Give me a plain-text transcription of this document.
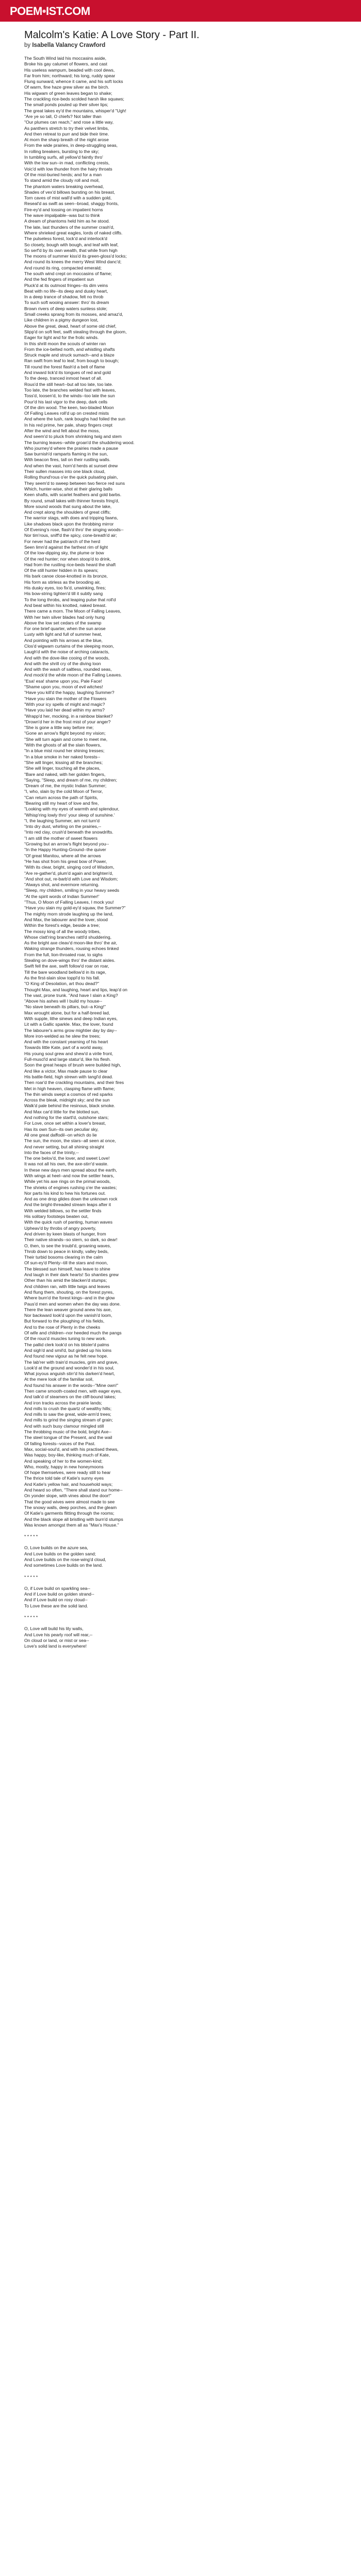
POEM•IST.COM
Malcolm's Katie: A Love Story - Part II.
by Isabella Valancy Crawford
The South Wind laid his moccasins aside,
Broke his gay calumet of flowers, and cast
His useless wampum, beaded with cool dews,
Far from him; northward; his long, ruddy spear
Flung sunward, whence it came, and his soft locks
Of warm, fine haze grew silver as the birch.
His wigwam of green leaves began to shake;
The crackling rice-beds scolded harsh like squaws;
The small ponds pouted up their silver lips;
The great lakes ey'd the mountains, whisper'd "Ugh!
"Are ye so tall, O chiefs? Not taller than
"Our plumes can reach," and rose a little way,
As panthers stretch to try their velvet limbs,
And then retreat to purr and bide their time.
At morn the sharp breath of the night arose
From the wide prairies, in deep-struggling seas,
In rolling breakers, bursting to the sky;
In tumbling surfs, all yellow'd faintly thro'
With the low sun--in mad, conflicting crests,
Voic'd with low thunder from the hairy throats
Of the mist-buried herds; and for a man
To stand amid the cloudy roll and moil,
The phantom waters breaking overhead,
Shades of vex'd billows bursting on his breast,
Torn caves of mist wall'd with a sudden gold,
Reseal'd as swift as seen--broad, shaggy fronts,
Fire-ey'd and tossing on impatient horns
The wave impalpable--was but to think
A dream of phantoms held him as he stood.
The late, last thunders of the summer crash'd,
Where shrieked great eagles, lords of naked cliffs.
The pulseless forest, lock'd and interlock'd
So closely, bough with bough, and leaf with leaf,
So serf'd by its own wealth, that while from high
The moons of summer kiss'd its green-gloss'd locks;
And round its knees the merry West Wind danc'd;
And round its ring, compacted emerald;
The south wind crept on moccasins of flame;
And the fed fingers of impatient sun
Pluck'd at its outmost fringes--its dim veins
Beat with no life--its deep and dusky heart,
In a deep trance of shadow, felt no throb
To such soft wooing answer: thro' its dream
Brown rivers of deep waters sunless stole;
Small creeks sprang from its mosses, and amaz'd,
Like children in a pigmy dungeon lost,
Above the great, dead, heart of some old chief,
Slipp'd on soft feet, swift stealing through the gloom,
Eager for light and for the frolic winds.
In this shrill moon the scouts of winter ran
From the ice-belted north, and whistling shafts
Struck maple and struck sumach--and a blaze
Ran swift from leaf to leaf, from bough to bough;
Till round the forest flash'd a belt of flame
And inward lick'd its tongues of red and gold
To the deep, tranced inmost heart of all.
Rous'd the still heart--but all too late, too late.
Too late, the branches welded fast with leaves,
Toss'd, loosen'd, to the winds--too late the sun
Pour'd his last vigor to the deep, dark cells
Of the dim wood. The keen, two-bladed Moon
Of Falling Leaves roll'd up on crested mists
And where the lush, rank boughs had foiled the sun
In his red prime, her pale, sharp fingers crept
After the wind and felt about the moss,
And seem'd to pluck from shrinking twig and stem
The burning leaves--while groan'd the shuddering wood.
Who journey'd where the prairies made a pause
Saw burnish'd ramparts flaming in the sun,
With beacon fires, tall on their rustling walls.
And when the vast, horn'd herds at sunset drew
Their sullen masses into one black cloud,
Rolling thund'rous o'er the quick pulsating plain,
They seem'd to sweep between two fierce red suns
Which, hunter-wise, shot at their glaring balls
Keen shafts, with scarlet feathers and gold barbs.
By round, small lakes with thinner forests fring'd,
More sound woods that sung about the lake,
And crept along the shoulders of great cliffs;
The warrior stags, with does and tripping fawns,
Like shadows black upon the throbbing mirror
Of Evening's rose, flash'd thro' the singing woods--
Nor tim'rous, sniff'd the spicy, cone-breath'd air;
For never had the patriarch of the herd
Seen limn'd against the farthest rim of light
Of the low-dipping sky, the plume or bow
Of the red hunter; nor when stoop'd to drink,
Had from the rustling rice-beds heard the shaft
Of the still hunter hidden in its spears;
His bark canoe close-knotted in its bronze,
His form as stirless as the brooding air,
His dusky eyes, too fix'd, unwinking, fires;
His bow-string tighten'd till it subtly sang
To the long throbs, and leaping pulse that roll'd
And beat within his knotted, naked breast.
There came a morn. The Moon of Falling Leaves,
With her twin silver blades had only hung
Above the low set cedars of the swamp
For one brief quarter, when the sun arose
Lusty with light and full of summer heat,
And pointing with his arrows at the blue,
Clos'd wigwam curtains of the sleeping moon,
Laugh'd with the noise of arching cataracts,
And with the dove-like cooing of the woods,
And with the shrill cry of the diving loon
And with the wash of saltless, rounded seas,
And mock'd the white moon of the Falling Leaves.
"Esa! esa! shame upon you, Pale Face!
"Shame upon you, moon of evil witches!
"Have you kill'd the happy, laughing Summer?
"Have you slain the mother of the Flowers
"With your icy spells of might and magic?
"Have you laid her dead within my arms?
"Wrapp'd her, mocking, in a rainbow blanket?
"Drown'd her in the frost mist of your anger?
"She is gone a little way before me;
"Gone an arrow's flight beyond my vision;
"She will turn again and come to meet me,
"With the ghosts of all the slain flowers,
"In a blue mist round her shining tresses;
"In a blue smoke in her naked forests--
"She will linger, kissing all the branches;
"She will linger, touching all the places,
"Bare and naked, with her golden fingers,
"Saying, "Sleep, and dream of me, my children;
"Dream of me, the mystic Indian Summer;
"I, who, slain by the cold Moon of Terror,
"Can return across the path of Spirits,
"Bearing still my heart of love and fire,
"Looking with my eyes of warmth and splendour,
"Whisp'ring lowly thro' your sleep of sunshine.'
"I, the laughing Summer, am not turn'd
"Into dry dust, whirling on the prairies,--
"Into red clay, crush'd beneath the snowdrifts.
"I am still the mother of sweet flowers
"Growing but an arrow's flight beyond you--
"In the Happy Hunting-Ground--the quiver
"Of great Manitou, where all the arrows
"He has shot from his great bow of Power,
"With its clear, bright, singing cord of Wisdom,
"Are re-gather'd, plum'd again and brighten'd,
"And shot out, re-barb'd with Love and Wisdom;
"Always shot, and evermore returning.
"Sleep, my children, smiling in your heavy seeds
"At the spirit words of Indian Summer!'
"Thus, O Moon of Falling Leaves, I mock you!
"Have you slain my gold-ey'd squaw, the Summer?"
The mighty morn strode laughing up the land,
And Max, the labourer and the lover, stood
Within the forest's edge, beside a tree;
The mossy king of all the woody tribes,
Whose clatt'ring branches rattl'd shuddering,
As the bright axe cleav'd moon-like thro' the air,
Waking strange thunders, rousing echoes linked
From the full, lion-throated roar, to sighs
Stealing on dove-wings thro' the distant aisles.
Swift fell the axe, swift follow'd roar on roar,
Till the bare woodland bellow'd in its rage,
As the first-slain slow toppl'd to his fall.
"O King of Desolation, art thou dead?"
Thought Max, and laughing, heart and lips, leap'd on
The vast, prone trunk. "And have I slain a King?
"Above his ashes will I build my house--
"No slave beneath its pillars, but--a King!"
Max wrought alone, but for a half-breed lad,
With supple, lithe sinews and deep Indian eyes,
Lit with a Gallic sparkle. Max, the lover, found
The labourer's arms grow mightier day by day--
More iron-welded as he slew the trees;
And with the constant yearning of his heart
Towards little Kate, part of a world away,
His young soul grew and shew'd a virile front,
Full-muscl'd and large statur'd, like his flesh.
Soon the great heaps of brush were builded high,
And like a victor, Max made pause to clear
His battle-field, high strewn with tangl'd dead.
Then roar'd the crackling mountains, and their fires
Met in high heaven, clasping flame with flame;
The thin winds swept a cosmos of red sparks
Across the bleak, midnight sky; and the sun
Walk'd pale behind the resinous, black smoke.
And Max car'd little for the blotted sun,
And nothing for the startl'd, outshone stars;
For Love, once set within a lover's breast,
Has its own Sun--its own peculiar sky,
All one great daffodil--on which do lie
The sun, the moon, the stars--all seen at once,
And never setting, but all shining straight
Into the faces of the trinity,--
The one belov'd, the lover, and sweet Love!
It was not all his own, the axe-stirr'd waste.
In these new days men spread about the earth,
With wings at heel--and now the settler hears,
While yet his axe rings on the primal woods,
The shrieks of engines rushing o'er the wastes;
Nor parts his kind to hew his fortunes out.
And as one drop glides down the unknown rock
And the bright-threaded stream leaps after it
With welded billows, so the settler finds
His solitary footsteps beaten out,
With the quick rush of panting, human waves
Upheav'd by throbs of angry poverty,
And driven by keen blasts of hunger, from
Their native strands--so stern, so dark, so dear!
O, then, to see the troubl'd, groaning waves,
Throb down to peace in kindly, valley beds,
Their turbid bosoms clearing in the calm
Of sun-ey'd Plenty--till the stars and moon,
The blessed sun himself, has leave to shine
And laugh in their dark hearts! So shanties grew
Other than his amid the blacken'd stumps;
And children ran, with little twigs and leaves
And flung them, shouting, on the forest pyres,
Where burn'd the forest kings--and in the glow
Paus'd men and women when the day was done.
There the lean weaver ground anew his axe,
Nor backward look'd upon the vanish'd loom,
But forward to the ploughing of his fields,
And to the rose of Plenty in the cheeks
Of wife and children--nor heeded much the pangs
Of the rous'd muscles tuning to new work.
The pallid clerk look'd on his blister'd palms
And sigh'd and smil'd, but girded up his loins
And found new vigour as he felt new hope.
The lab'rer with train'd muscles, grim and grave,
Look'd at the ground and wonder'd in his soul,
What joyous anguish stirr'd his darken'd heart,
At the mere look of the familiar soil,
And found his answer in the words--"Mine own!"
Then came smooth-coated men, with eager eyes,
And talk'd of steamers on the cliff-bound lakes;
And iron tracks across the prairie lands;
And mills to crush the quartz of wealthy hills;
And mills to saw the great, wide-arm'd trees;
And mills to grind the singing stream of grain;
And with such busy clamour mingled still
The throbbing music of the bold, bright Axe--
The steel tongue of the Present, and the wail
Of falling forests--voices of the Past.
Max, social-soul'd, and with his practised thews,
Was happy, boy-like, thinking much of Kate,
And speaking of her to the women-kind;
Who, mostly, happy in new honeymoons
Of hope themselves, were ready still to hear
The thrice told tale of Katie's sunny eyes
And Katie's yellow hair, and household ways;
And heard so often, "There shall stand our home--
On yonder slope, with vines about the door!"
That the good wives were almost made to see
The snowy walls, deep porches, and the gleam
Of Katie's garments flitting through the rooms;
And the black slope all bristling with burn'd stumps
Was known amongst them all as "Max's House."
* * * * *
O, Love builds on the azure sea,
And Love builds on the golden sand;
And Love builds on the rose-wing'd cloud,
And sometimes Love builds on the land.
* * * * *
O, if Love build on sparkling sea--
And if Love build on golden strand--
And if Love build on rosy cloud--
To Love these are the solid land.
* * * * *
O, Love will build his lily walls,
And Love his pearly roof will rear,--
On cloud or land, or mist or sea--
Love's solid land is everywhere!
